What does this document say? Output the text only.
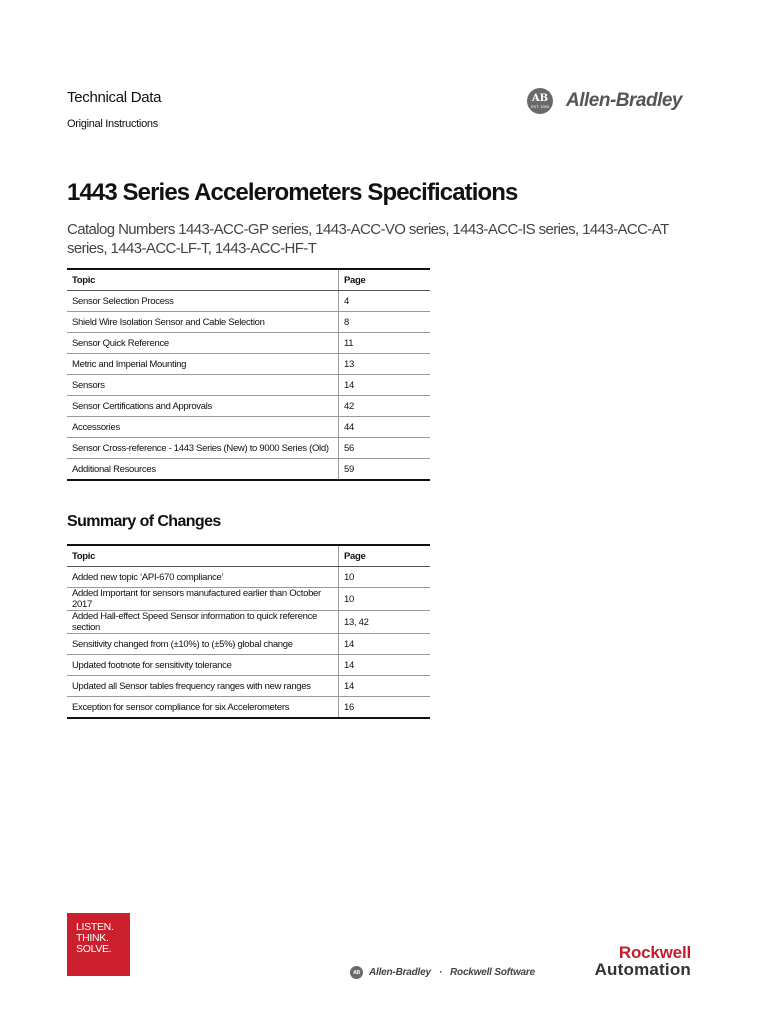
Technical Data
Original Instructions
AB
EST. 1903 Allen-Bradley
1443 Series Accelerometers Specifications
Catalog Numbers 1443-ACC-GP series, 1443-ACC-VO series, 1443-ACC-IS series, 1443-ACC-AT series, 1443-ACC-LF-T, 1443-ACC-HF-T
Topic	Page
Sensor Selection Process	4
Shield Wire Isolation Sensor and Cable Selection	8
Sensor Quick Reference	11
Metric and Imperial Mounting	13
Sensors	14
Sensor Certifications and Approvals	42
Accessories	44
Sensor Cross-reference - 1443 Series (New) to 9000 Series (Old)	56
Additional Resources	59
Summary of Changes
Topic	Page
Added new topic ‘API-670 compliance’	10
Added Important for sensors manufactured earlier than October 2017	10
Added Hall-effect Speed Sensor information to quick reference section	13, 42
Sensitivity changed from (±10%) to (±5%) global change	14
Updated footnote for sensitivity tolerance	14
Updated all Sensor tables frequency ranges with new ranges	14
Exception for sensor compliance for six Accelerometers	16
LISTEN.
THINK.
SOLVE.
AB Allen-Bradley · Rockwell Software
Rockwell
Automation
